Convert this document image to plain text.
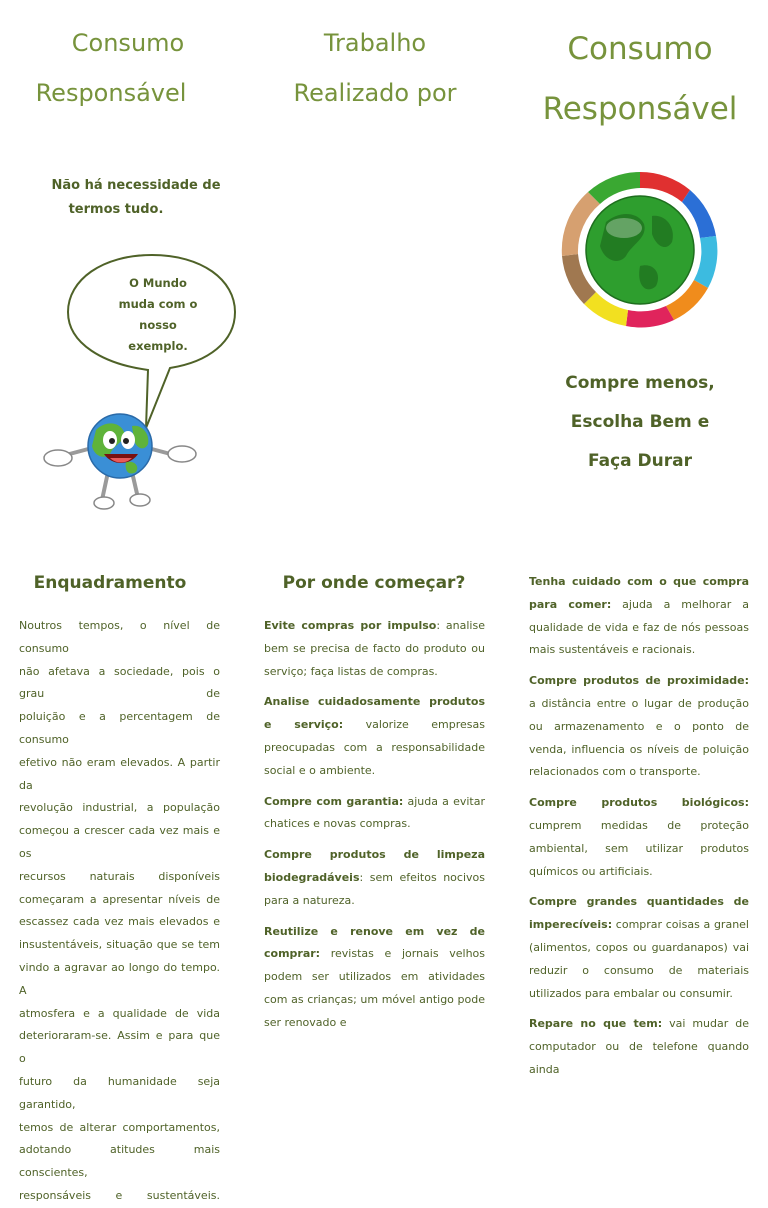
Consumo
Responsável
Não há necessidade de
termos tudo.
O Mundo
muda com o
nosso
exemplo.
Trabalho
Realizado por
Consumo
Responsável
Compre menos,
Escolha Bem e
Faça Durar
Enquadramento
Noutros tempos, o nível de consumo
não afetava a sociedade, pois o grau de
poluição e a percentagem de consumo
efetivo não eram elevados. A partir da
revolução industrial, a população
começou a crescer cada vez mais e os
recursos naturais disponíveis
começaram a apresentar níveis de
escassez cada vez mais elevados e
insustentáveis, situação que se tem
vindo a agravar ao longo do tempo. A
atmosfera e a qualidade de vida
deterioraram-se. Assim e para que o
futuro da humanidade seja garantido,
temos de alterar comportamentos,
adotando atitudes mais conscientes,
responsáveis e sustentáveis.
Por onde começar?

Evite compras por impulso: analise bem se precisa de facto do produto ou serviço; faça listas de compras.

Analise cuidadosamente produtos e serviço: valorize empresas preocupadas com a responsabilidade social e o ambiente.

Compre com garantia: ajuda a evitar chatices e novas compras.

Compre produtos de limpeza biodegradáveis: sem efeitos nocivos para a natureza.

Reutilize e renove em vez de comprar: revistas e jornais velhos podem ser utilizados em atividades com as crianças; um móvel antigo pode ser renovado e

Tenha cuidado com o que compra para comer: ajuda a melhorar a qualidade de vida e faz de nós pessoas mais sustentáveis e racionais.

Compre produtos de proximidade: a distância entre o lugar de produção ou armazenamento e o ponto de venda, influencia os níveis de poluição relacionados com o transporte.

Compre produtos biológicos: cumprem medidas de proteção ambiental, sem utilizar produtos químicos ou artificiais.

Compre grandes quantidades de imperecíveis: comprar coisas a granel (alimentos, copos ou guardanapos) vai reduzir o consumo de materiais utilizados para embalar ou consumir.

Repare no que tem: vai mudar de computador ou de telefone quando ainda
